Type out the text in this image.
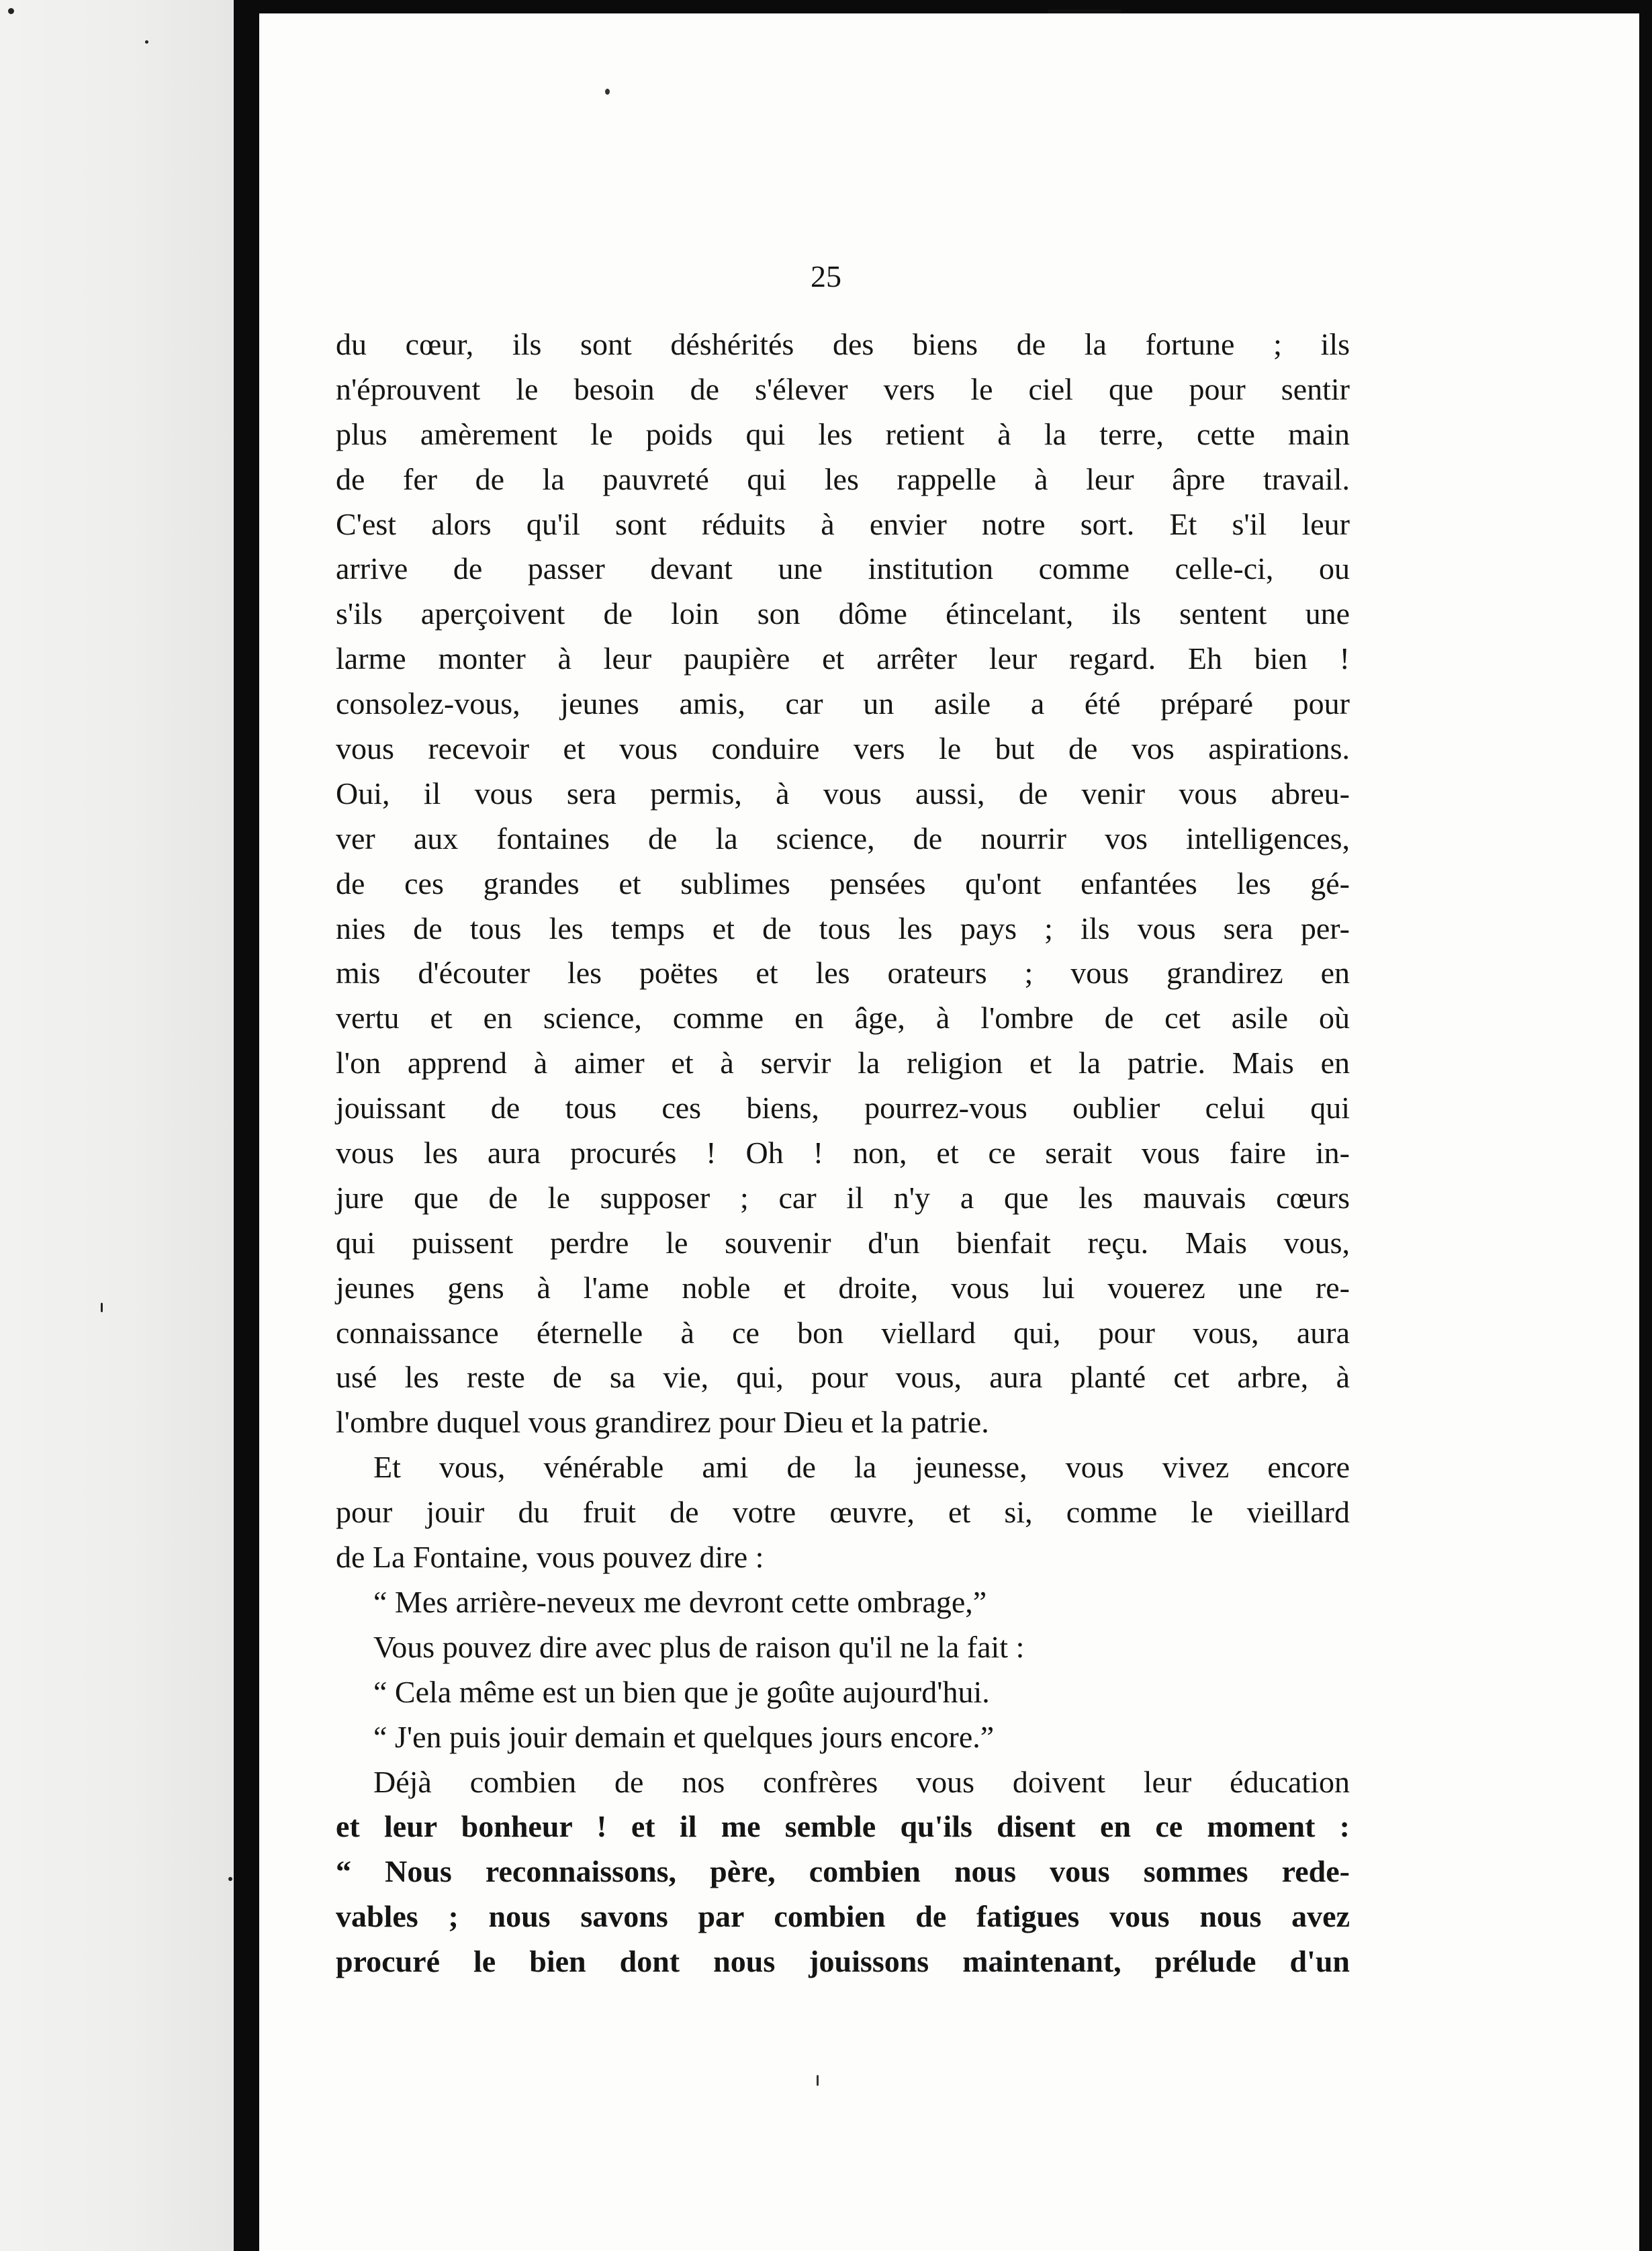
25
du cœur, ils sont déshérités des biens de la fortune ; ils
n'éprouvent le besoin de s'élever vers le ciel que pour sentir
plus amèrement le poids qui les retient à la terre, cette main
de fer de la pauvreté qui les rappelle à leur âpre travail.
C'est alors qu'il sont réduits à envier notre sort. Et s'il leur
arrive de passer devant une institution comme celle-ci, ou
s'ils aperçoivent de loin son dôme étincelant, ils sentent une
larme monter à leur paupière et arrêter leur regard. Eh bien !
consolez-vous, jeunes amis, car un asile a été préparé pour
vous recevoir et vous conduire vers le but de vos aspirations.
Oui, il vous sera permis, à vous aussi, de venir vous abreu-
ver aux fontaines de la science, de nourrir vos intelligences,
de ces grandes et sublimes pensées qu'ont enfantées les gé-
nies de tous les temps et de tous les pays ; ils vous sera per-
mis d'écouter les poëtes et les orateurs ; vous grandirez en
vertu et en science, comme en âge, à l'ombre de cet asile où
l'on apprend à aimer et à servir la religion et la patrie. Mais en
jouissant de tous ces biens, pourrez-vous oublier celui qui
vous les aura procurés ! Oh ! non, et ce serait vous faire in-
jure que de le supposer ; car il n'y a que les mauvais cœurs
qui puissent perdre le souvenir d'un bienfait reçu. Mais vous,
jeunes gens à l'ame noble et droite, vous lui vouerez une re-
connaissance éternelle à ce bon viellard qui, pour vous, aura
usé les reste de sa vie, qui, pour vous, aura planté cet arbre, à
l'ombre duquel vous grandirez pour Dieu et la patrie.
Et vous, vénérable ami de la jeunesse, vous vivez encore
pour jouir du fruit de votre œuvre, et si, comme le vieillard
de La Fontaine, vous pouvez dire :
“ Mes arrière-neveux me devront cette ombrage,”
Vous pouvez dire avec plus de raison qu'il ne la fait :
“ Cela même est un bien que je goûte aujourd'hui.
“ J'en puis jouir demain et quelques jours encore.”
Déjà combien de nos confrères vous doivent leur éducation
et leur bonheur ! et il me semble qu'ils disent en ce moment :
“ Nous reconnaissons, père, combien nous vous sommes rede-
vables ; nous savons par combien de fatigues vous nous avez
procuré le bien dont nous jouissons maintenant, prélude d'un
